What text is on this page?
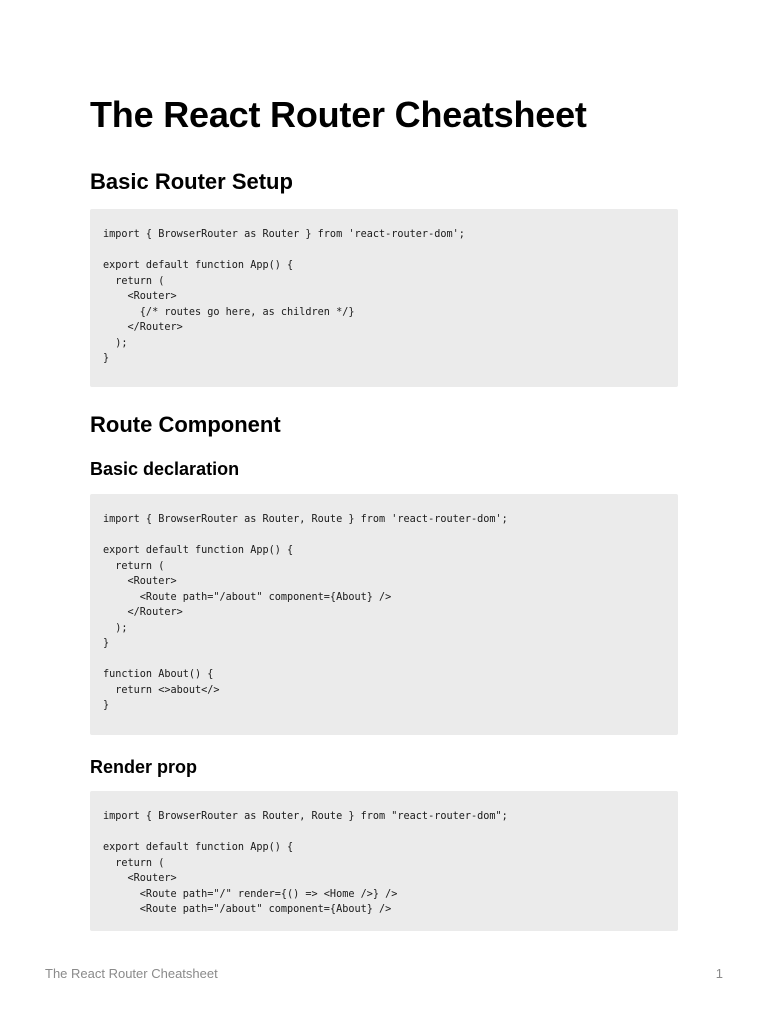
The React Router Cheatsheet
Basic Router Setup
import { BrowserRouter as Router } from 'react-router-dom';

export default function App() {
return (
<Router>
{/* routes go here, as children */}
</Router>
);
}
Route Component
Basic declaration
import { BrowserRouter as Router, Route } from 'react-router-dom';

export default function App() {
return (
<Router>
<Route path="/about" component={About} />
</Router>
);
}

function About() {
return <>about</>
}
Render prop
import { BrowserRouter as Router, Route } from "react-router-dom";

export default function App() {
return (
<Router>
<Route path="/" render={() => <Home />} />
<Route path="/about" component={About} />
The React Router Cheatsheet	1
